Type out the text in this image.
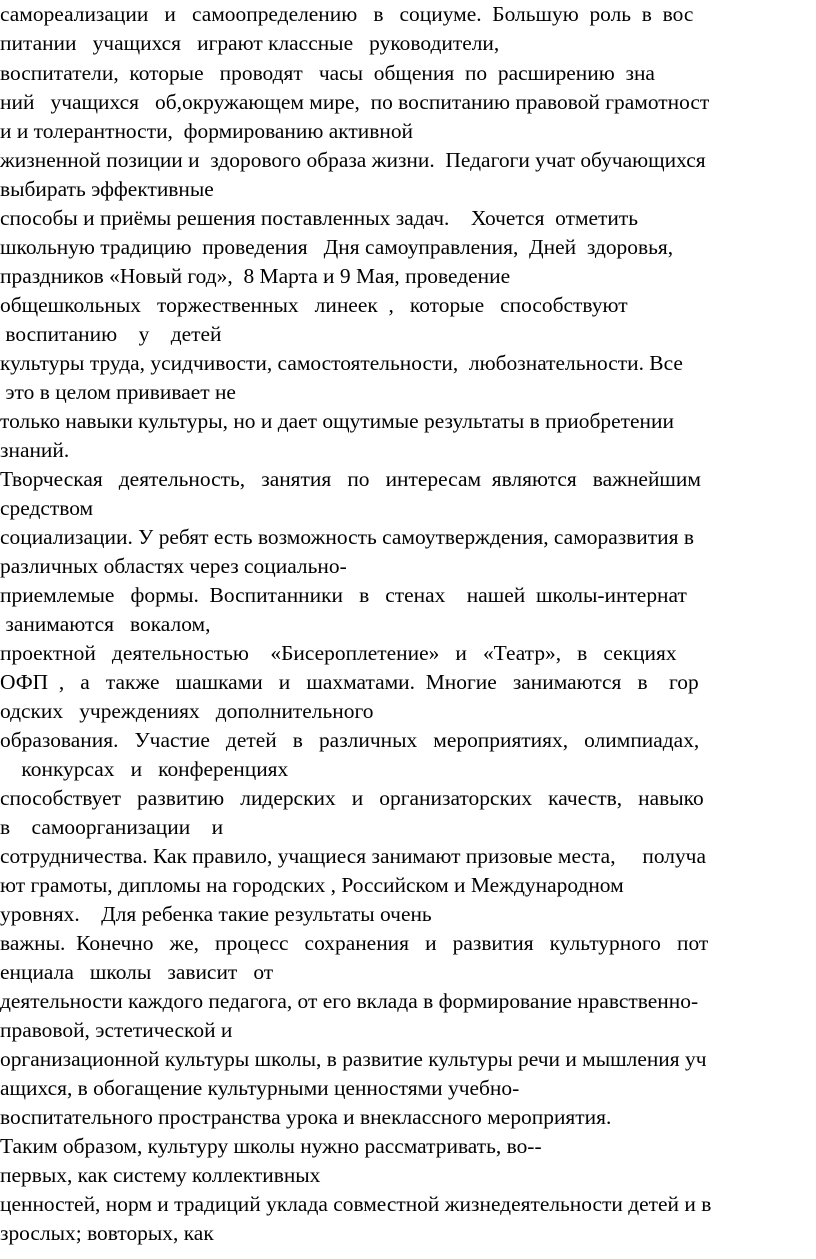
самореализации   и   самоопределению   в   социуме.  Большую  роль  в  вос
питании   учащихся   играют классные   руководители,
воспитатели,  которые   проводят   часы  общения  по  расширению  зна
ний   учащихся   об,окружающем мире,  по воспитанию правовой грамотност
и и толерантности,  формированию активной
жизненной позиции и  здорового образа жизни.  Педагоги учат обучающихся
выбирать эффективные
способы и приёмы решения поставленных задач.    Хочется  отметить
школьную традицию  проведения   Дня самоуправления,  Дней  здоровья,
праздников «Новый год»,  8 Марта и 9 Мая, проведение
общешкольных   торжественных   линеек  ,   которые   способствуют
воспитанию    у    детей
культуры труда, усидчивости, самостоятельности,  любознательности. Все
это в целом прививает не
только навыки культуры, но и дает ощутимые результаты в приобретении
знаний.
Творческая   деятельность,   занятия   по   интересам  являются   важнейшим
средством
социализации. У ребят есть возможность самоутверждения, саморазвития в
различных областях через социально-
приемлемые   формы.  Воспитанники   в   стенах    нашей  школы-интернат
занимаются   вокалом,
проектной   деятельностью    «Бисероплетение»   и   «Театр»,   в   секциях
ОФП  ,   а   также   шашками   и   шахматами.  Многие   занимаются   в    гор
одских   учреждениях   дополнительного
образования.   Участие   детей   в   различных   мероприятиях,   олимпиадах,
конкурсах   и   конференциях
способствует   развитию   лидерских   и   организаторских   качеств,   навыко
в    самоорганизации    и
сотрудничества. Как правило, учащиеся занимают призовые места,     получа
ют грамоты, дипломы на городских , Российском и Международном
уровнях.    Для ребенка такие результаты очень
важны.  Конечно   же,   процесс   сохранения   и   развития   культурного   пот
енциала   школы   зависит   от
деятельности каждого педагога, от его вклада в формирование нравственно-
правовой, эстетической и
организационной культуры школы, в развитие культуры речи и мышления уч
ащихся, в обогащение культурными ценностями учебно-
воспитательного пространства урока и внеклассного мероприятия.
Таким образом, культуру школы нужно рассматривать, во--
первых, как систему коллективных
ценностей, норм и традиций уклада совместной жизнедеятельности детей и в
зрослых; вовторых, как
